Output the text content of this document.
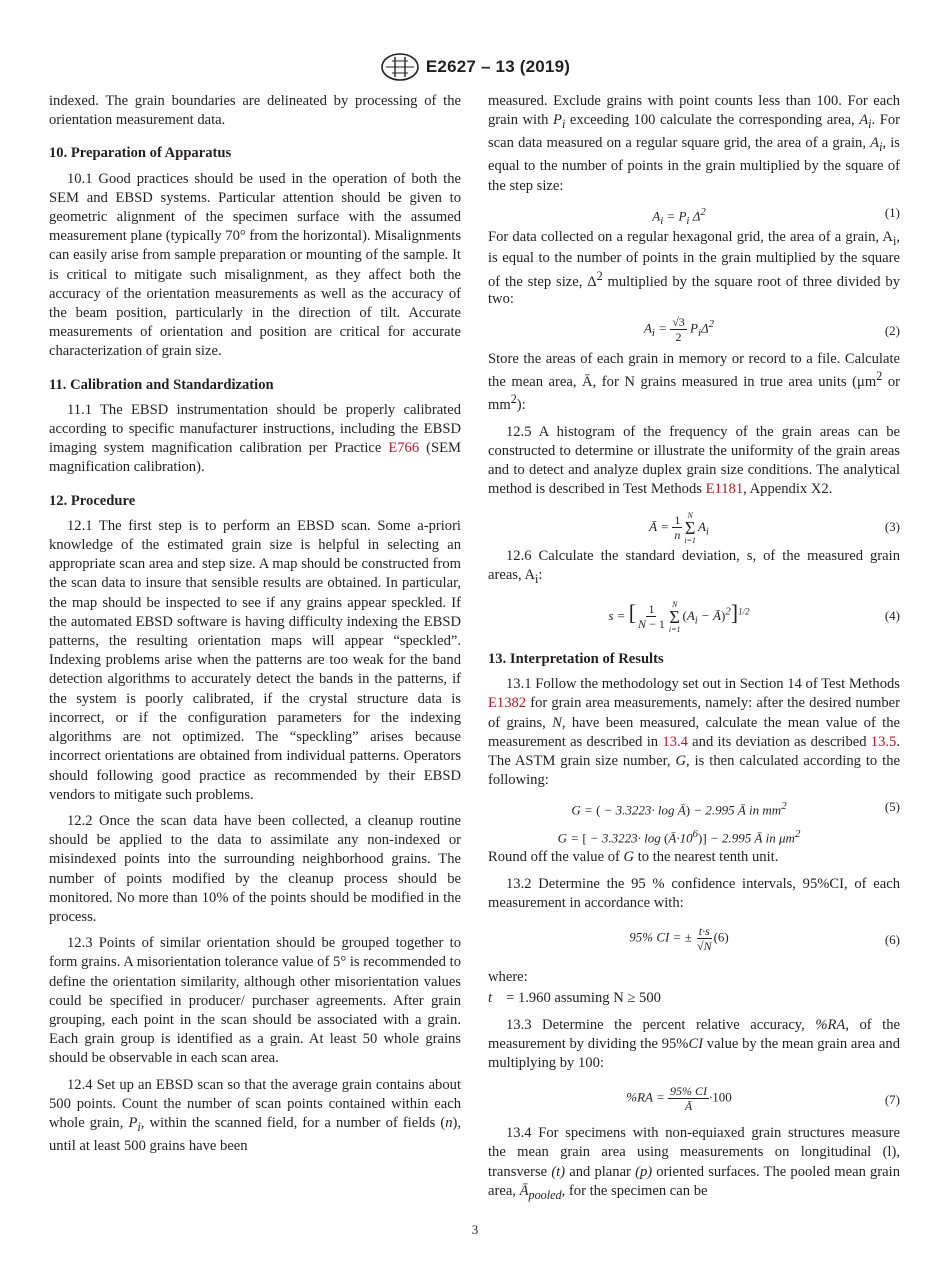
E2627 – 13 (2019)

indexed. The grain boundaries are delineated by processing of the orientation measurement data.

10. Preparation of Apparatus

10.1 Good practices should be used in the operation of both the SEM and EBSD systems. Particular attention should be given to geometric alignment of the specimen surface with the assumed measurement plane (typically 70° from the horizontal). Misalignments can easily arise from sample preparation or mounting of the sample. It is critical to mitigate such misalignment, as they affect both the accuracy of the orientation measurements as well as the accuracy of the beam position, particularly in the direction of tilt. Accurate measurements of orientation and position are critical for accurate characterization of grain size.

11. Calibration and Standardization

11.1 The EBSD instrumentation should be properly calibrated according to specific manufacturer instructions, including the EBSD imaging system magnification calibration per Practice E766 (SEM magnification calibration).

12. Procedure

12.1 The first step is to perform an EBSD scan. Some a-priori knowledge of the estimated grain size is helpful in selecting an appropriate scan area and step size. A map should be constructed from the scan data to insure that sensible results are obtained. In particular, the map should be inspected to see if any grains appear speckled. If the automated EBSD software is having difficulty indexing the EBSD patterns, the resulting orientation maps will appear “speckled”. Indexing problems arise when the patterns are too weak for the band detection algorithms to accurately detect the bands in the patterns, if the system is poorly calibrated, if the crystal structure data is incorrect, or if the configuration parameters for the indexing algorithms are not optimized. The “speckling” arises because incorrect orientations are obtained from individual patterns. Operators should following good practice as recommended by their EBSD vendors to mitigate such problems.

12.2 Once the scan data have been collected, a cleanup routine should be applied to the data to assimilate any non-indexed or misindexed points into the surrounding neighborhood grains. The number of points modified by the cleanup process should be monitored. No more than 10% of the points should be modified in the process.

12.3 Points of similar orientation should be grouped together to form grains. A misorientation tolerance value of 5° is recommended to define the orientation similarity, although other misorientation values could be specified in producer/ purchaser agreements. After grain grouping, each point in the scan should be associated with a grain. Each grain group is identified as a grain. At least 50 whole grains should be observable in each scan area.

12.4 Set up an EBSD scan so that the average grain contains about 500 points. Count the number of scan points contained within each whole grain, $P_i$, within the scanned field, for a number of fields (n), until at least 500 grains have been

measured. Exclude grains with point counts less than 100. For each grain with $P_i$ exceeding 100 calculate the corresponding area, $A_i$. For scan data measured on a regular square grid, the area of a grain, $A_i$, is equal to the number of points in the grain multiplied by the square of the step size:

$A_i = P_i$ $\Delta^2$	(1)

For data collected on a regular hexagonal grid, the area of a grain, $A_i$, is equal to the number of points in the grain multiplied by the square of the step size, $\Delta^2$ multiplied by the square root of three divided by two:

$A_i = \frac{√3}{2} P_i\Delta^2$	(2)

Store the areas of each grain in memory or record to a file. Calculate the mean area, Ā, for N grains measured in true area units ($\mu m^2$ or $mm^2$):

12.5 A histogram of the frequency of the grain areas can be constructed to determine or illustrate the uniformity of the grain areas and to detect and analyze duplex grain size conditions. The analytical method is described in Test Methods E1181, Appendix X2.

Ā = $\frac{1}{n}$ N
Σ
i=1
$A_i$	(3)

12.6 Calculate the standard deviation, s, of the measured grain areas, $A_i$:

s = [ $\frac{1}{N - 1}$ N
Σ
i=1
($A_i$ − Ā)$^2$]$^{1/2}$	(4)
13. Interpretation of Results

13.1 Follow the methodology set out in Section 14 of Test Methods E1382 for grain area measurements, namely: after the desired number of grains, N, have been measured, calculate the mean value of the measurement as described in 13.4 and its deviation as described 13.5. The ASTM grain size number, G, is then calculated according to the following:

G = ( − 3.3223· log Ā) − 2.995 Ā in $mm^2$	(5)
G = [ − $3.3223\cdot \log (Ā\cdot 10^6)] - 2.995$ Ā in $\mu m^2$

Round off the value of G to the nearest tenth unit.

13.2 Determine the 95 % confidence intervals, 95%CI, of each measurement in accordance with:

95% CI = ± $\frac{t\cdot s}{√N} (6)$	(6)

where:

t = 1.960 assuming N ≥ 500

13.3 Determine the percent relative accuracy, %RA, of the measurement by dividing the 95%CI value by the mean grain area and multiplying by 100:

$\%RA = \frac{95\% CI}{Ā} \cdot 100$	(7)

13.4 For specimens with non-equiaxed grain structures measure the mean grain area using measurements on longitudinal (l), transverse (t) and planar (p) oriented surfaces. The pooled mean grain area, $Ā_{pooled}$, for the specimen can be

3
